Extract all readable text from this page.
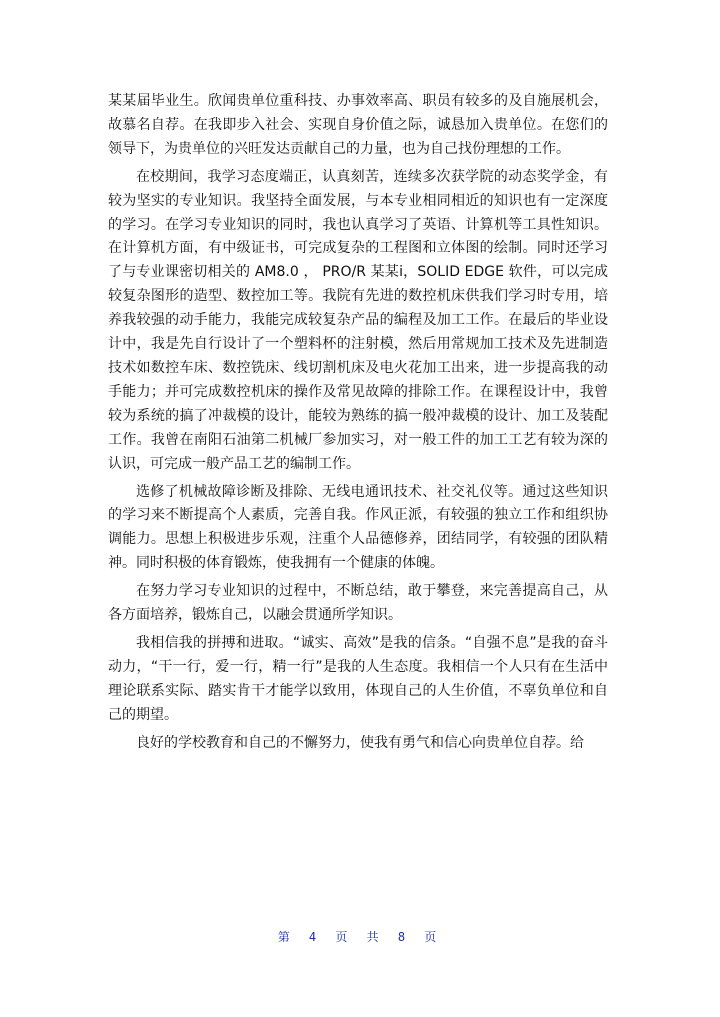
某某届毕业生。欣闻贵单位重科技、办事效率高、职员有较多的及自施展机会，故慕名自荐。在我即步入社会、实现自身价值之际，诚恳加入贵单位。在您们的领导下，为贵单位的兴旺发达贡献自己的力量，也为自己找份理想的工作。

在校期间，我学习态度端正，认真刻苦，连续多次获学院的动态奖学金，有较为坚实的专业知识。我坚持全面发展，与本专业相同相近的知识也有一定深度的学习。在学习专业知识的同时，我也认真学习了英语、计算机等工具性知识。在计算机方面，有中级证书，可完成复杂的工程图和立体图的绘制。同时还学习了与专业课密切相关的 AM8.0 ， PRO/R 某某i，SOLID EDGE 软件，可以完成较复杂图形的造型、数控加工等。我院有先进的数控机床供我们学习时专用，培养我较强的动手能力，我能完成较复杂产品的编程及加工工作。在最后的毕业设计中，我是先自行设计了一个塑料杯的注射模，然后用常规加工技术及先进制造技术如数控车床、数控铣床、线切割机床及电火花加工出来，进一步提高我的动手能力；并可完成数控机床的操作及常见故障的排除工作。在课程设计中，我曾较为系统的搞了冲裁模的设计，能较为熟练的搞一般冲裁模的设计、加工及装配工作。我曾在南阳石油第二机械厂参加实习，对一般工件的加工工艺有较为深的认识，可完成一般产品工艺的编制工作。

选修了机械故障诊断及排除、无线电通讯技术、社交礼仪等。通过这些知识的学习来不断提高个人素质，完善自我。作风正派，有较强的独立工作和组织协调能力。思想上积极进步乐观，注重个人品德修养，团结同学，有较强的团队精神。同时积极的体育锻炼，使我拥有一个健康的体魄。

在努力学习专业知识的过程中，不断总结，敢于攀登，来完善提高自己，从各方面培养，锻炼自己，以融会贯通所学知识。

我相信我的拼搏和进取。“诚实、高效”是我的信条。“自强不息”是我的奋斗动力，“干一行，爱一行，精一行”是我的人生态度。我相信一个人只有在生活中理论联系实际、踏实肯干才能学以致用，体现自己的人生价值，不辜负单位和自己的期望。

良好的学校教育和自己的不懈努力，使我有勇气和信心向贵单位自荐。给

第 4 页 共 8 页
